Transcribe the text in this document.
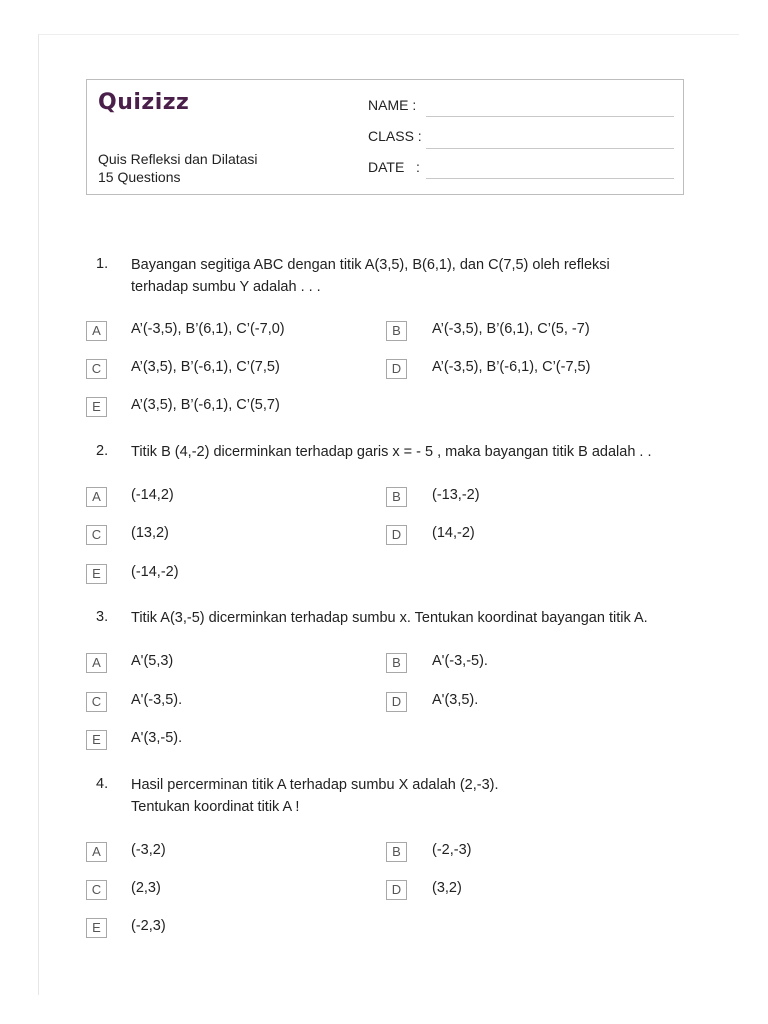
Quizizz
Quis Refleksi dan Dilatasi
15 Questions
NAME :
CLASS :
DATE   :
1. Bayangan segitiga ABC dengan titik A(3,5), B(6,1), dan C(7,5) oleh refleksi terhadap sumbu Y adalah . . .
A	A’(-3,5), B’(6,1), C’(-7,0)	B	A’(-3,5), B’(6,1), C’(5, -7)
C	A’(3,5), B’(-6,1), C’(7,5)	D	A’(-3,5), B’(-6,1), C’(-7,5)
E	A’(3,5), B’(-6,1), C’(5,7)
2. Titik B (4,-2) dicerminkan terhadap garis x = - 5 , maka bayangan titik B adalah . .
A	(-14,2)	B	(-13,-2)
C	(13,2)	D	(14,-2)
E	(-14,-2)
3. Titik A(3,-5) dicerminkan terhadap sumbu x. Tentukan koordinat bayangan titik A.
A	A'(5,3)	B	A'(-3,-5).
C	A'(-3,5).	D	A'(3,5).
E	A'(3,-5).
4. Hasil percerminan titik A terhadap sumbu X adalah (2,-3).
Tentukan koordinat titik A !
A	(-3,2)	B	(-2,-3)
C	(2,3)	D	(3,2)
E	(-2,3)
